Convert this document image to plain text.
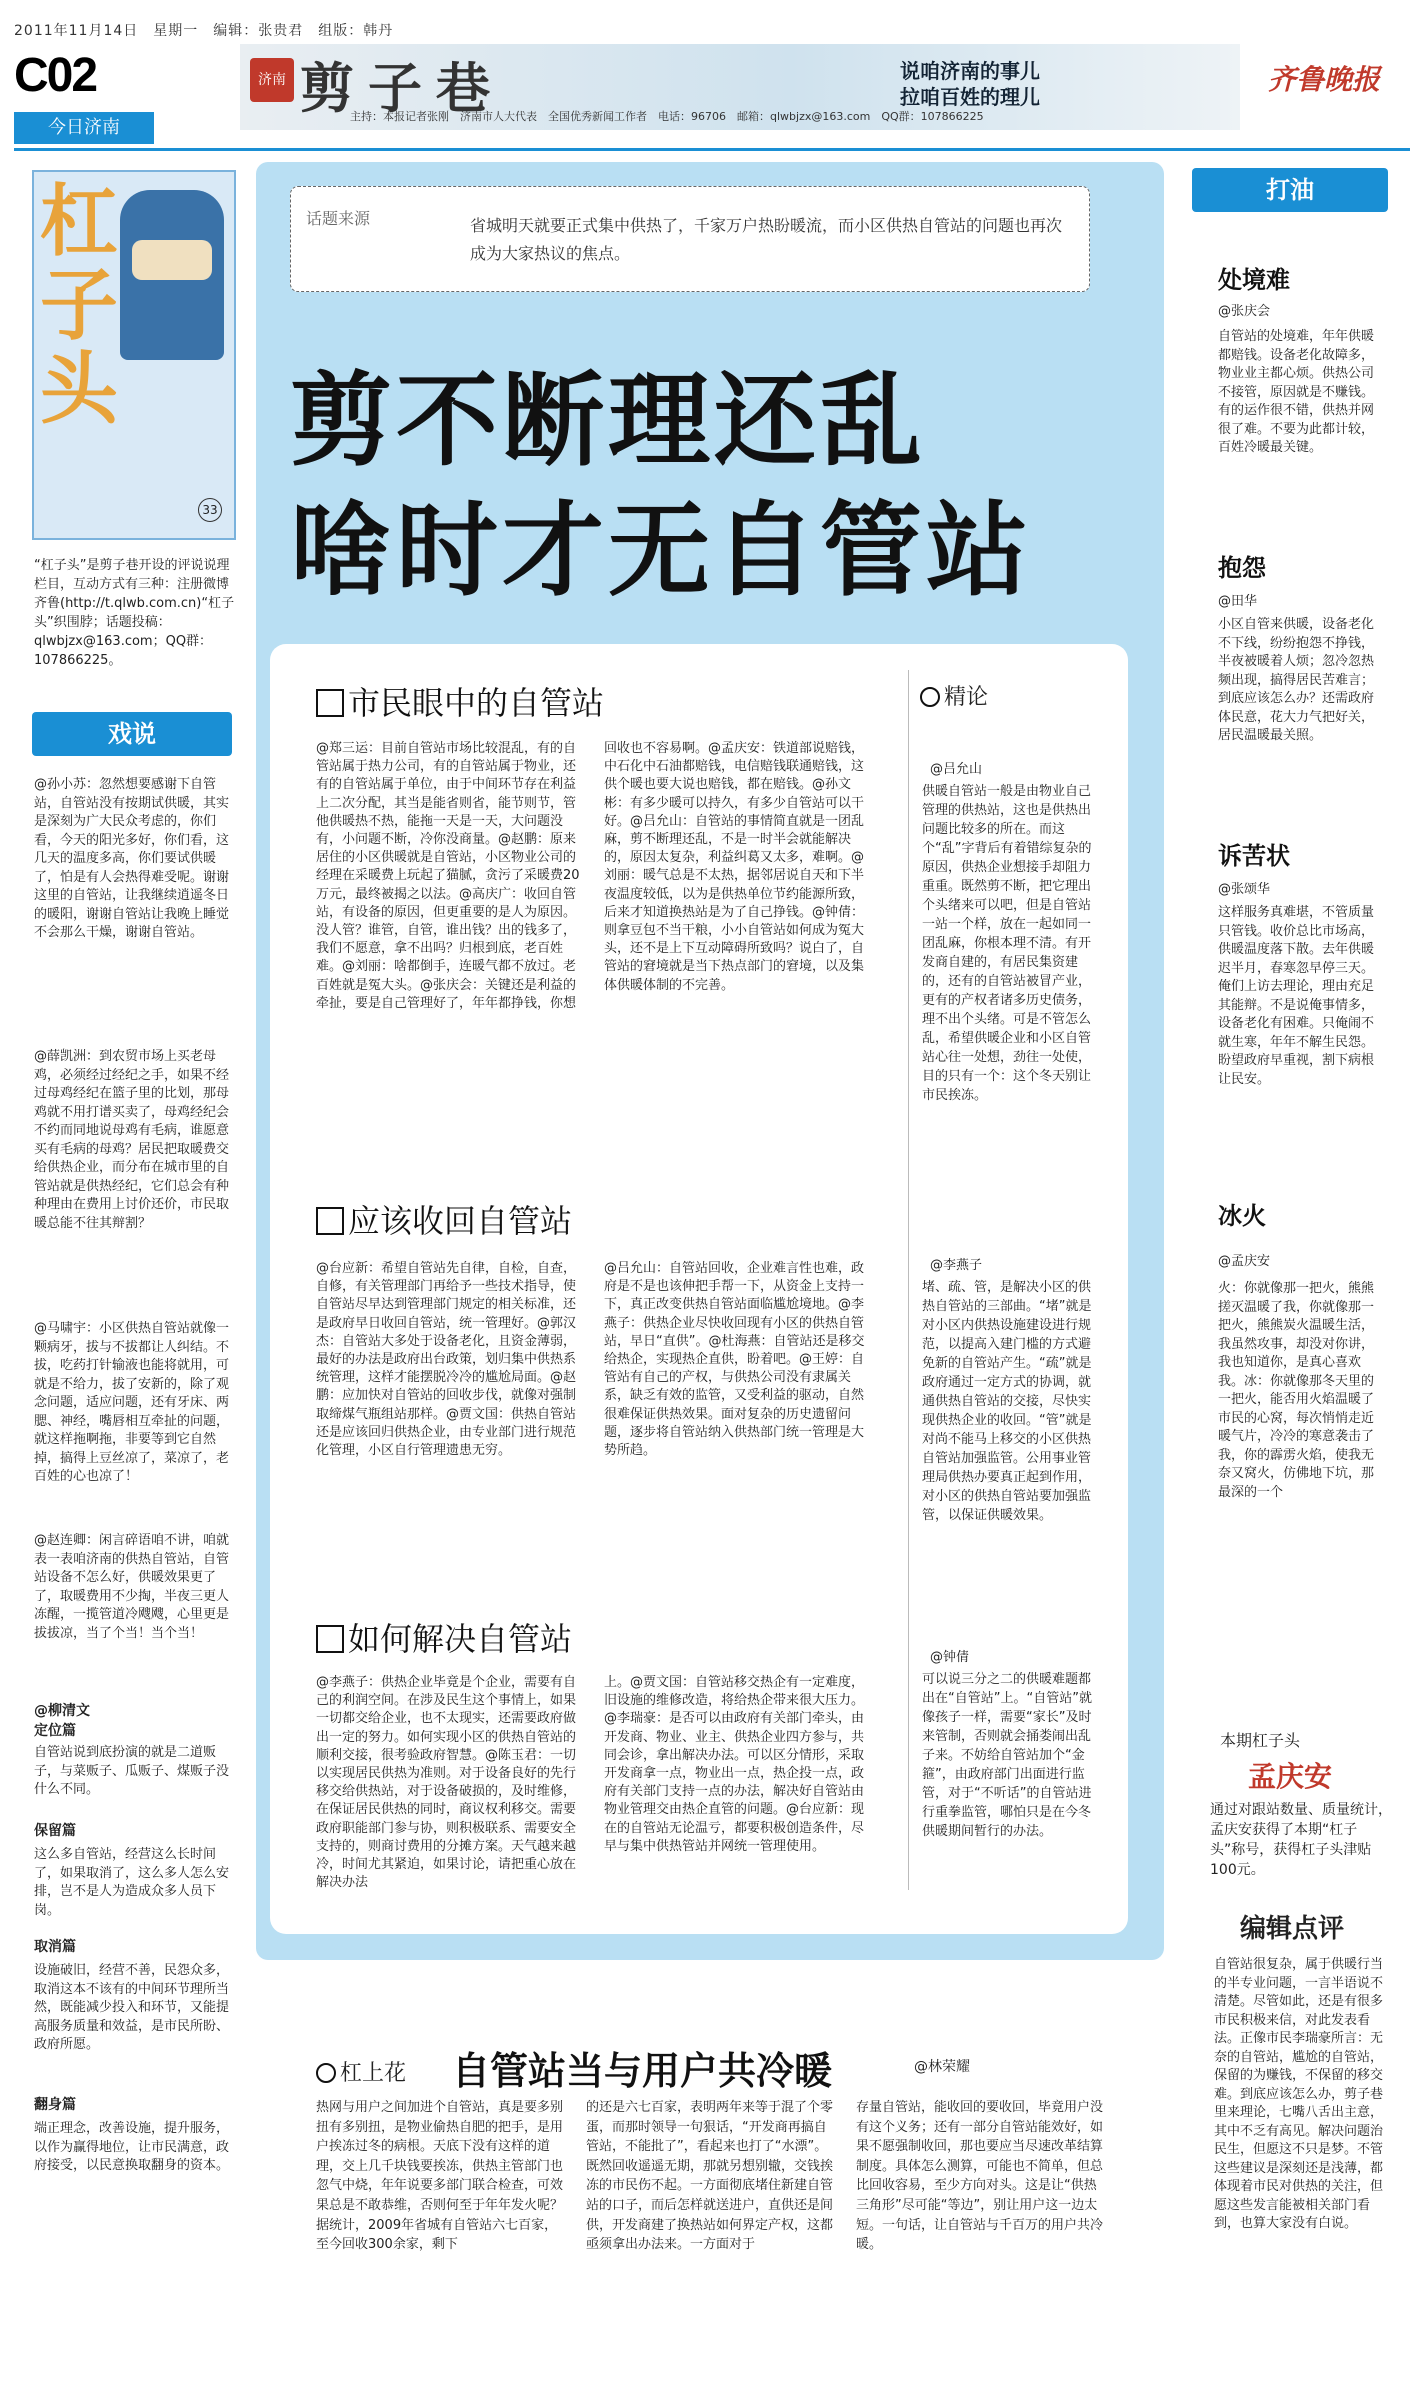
2011年11月14日　星期一　编辑：张贵君　组版：韩丹
C02
今日济南
济南 剪子巷	说咱济南的事儿
拉咱百姓的理儿
主持：本报记者张刚　济南市人大代表　全国优秀新闻工作者　电话：96706　邮箱：qlwbjzx@163.com　QQ群：107866225
齐鲁晚报
杠子头
33
“杠子头”是剪子巷开设的评说说理栏目，互动方式有三种：注册微博齐鲁(http://t.qlwb.com.cn)“杠子头”织围脖；话题投稿：qlwbjzx@163.com；QQ群：107866225。
戏说
@孙小苏：忽然想要感谢下自管站，自管站没有按期试供暖，其实是深刻为广大民众考虑的，你们看，今天的阳光多好，你们看，这几天的温度多高，你们要试供暖了，怕是有人会热得难受呢。谢谢这里的自管站，让我继续逍遥冬日的暖阳，谢谢自管站让我晚上睡觉不会那么干燥，谢谢自管站。
@薛凯洲：到农贸市场上买老母鸡，必须经过经纪之手，如果不经过母鸡经纪在篮子里的比划，那母鸡就不用打谱买卖了，母鸡经纪会不约而同地说母鸡有毛病，谁愿意买有毛病的母鸡？居民把取暖费交给供热企业，而分布在城市里的自管站就是供热经纪，它们总会有种种理由在费用上讨价还价，市民取暖总能不往其辩割？
@马啸宇：小区供热自管站就像一颗病牙，拔与不拔都让人纠结。不拔，吃药打针输液也能将就用，可就是不给力，拔了安新的，除了观念问题，适应问题，还有牙床、两腮、神经，嘴唇相互牵扯的问题，就这样拖啊拖，非要等到它自然掉，搞得上豆丝凉了，菜凉了，老百姓的心也凉了！
@赵连卿：闲言碎语咱不讲，咱就表一表咱济南的供热自管站，自管站设备不怎么好，供暖效果更了了，取暖费用不少掏，半夜三更人冻醒，一揽管道冷飕飕，心里更是拔拔凉，当了个当！当个当！
@柳清文
定位篇
自管站说到底扮演的就是二道贩子，与菜贩子、瓜贩子、煤贩子没什么不同。
保留篇
这么多自管站，经营这么长时间了，如果取消了，这么多人怎么安排，岂不是人为造成众多人员下岗。
取消篇
设施破旧，经营不善，民怨众多，取消这本不该有的中间环节理所当然，既能减少投入和环节，又能提高服务质量和效益，是市民所盼、政府所愿。
翻身篇
端正理念，改善设施，提升服务，以作为赢得地位，让市民满意，政府接受，以民意换取翻身的资本。
话题来源	省城明天就要正式集中供热了，千家万户热盼暖流，而小区供热自管站的问题也再次成为大家热议的焦点。
剪不断理还乱
啥时才无自管站
市民眼中的自管站
@郑三运：目前自管站市场比较混乱，有的自管站属于热力公司，有的自管站属于物业，还有的自管站属于单位，由于中间环节存在利益上二次分配，其当是能省则省，能节则节，管他供暖热不热，能拖一天是一天，大问题没有，小问题不断，冷你没商量。@赵鹏：原来居住的小区供暖就是自管站，小区物业公司的经理在采暖费上玩起了猫腻，贪污了采暖费20万元，最终被揭之以法。@高庆广：收回自管站，有设备的原因，但更重要的是人为原因。没人管？谁管，自管，谁出钱？出的钱多了，我们不愿意，拿不出吗？归根到底，老百姓难。@刘丽：啥都倒手，连暖气都不放过。老百姓就是冤大头。@张庆会：关键还是利益的牵扯，要是自己管理好了，年年都挣钱，你想
回收也不容易啊。@孟庆安：铁道部说赔钱，中石化中石油都赔钱，电信赔钱联通赔钱，这供个暖也要大说也赔钱，都在赔钱。@孙文彬：有多少暖可以持久，有多少自管站可以干好。@吕允山：自管站的事情简直就是一团乱麻，剪不断理还乱，不是一时半会就能解决的，原因太复杂，利益纠葛又太多，难啊。@刘丽：暖气总是不太热，据邻居说自天和下半夜温度较低，以为是供热单位节约能源所致，后来才知道换热站是为了自己挣钱。@钟倩：则拿豆包不当干粮，小小自管站如何成为冤大头，还不是上下互动障碍所致吗？说白了，自管站的窘境就是当下热点部门的窘境，以及集体供暖体制的不完善。
应该收回自管站
@台应新：希望自管站先自律，自检，自查，自修，有关管理部门再给予一些技术指导，使自管站尽早达到管理部门规定的相关标准，还是政府早日收回自管站，统一管理好。@郭汉杰：自管站大多处于设备老化，且资金薄弱，最好的办法是政府出台政策，划归集中供热系统管理，这样才能摆脱冷冷的尴尬局面。@赵鹏：应加快对自管站的回收步伐，就像对强制取缔煤气瓶组站那样。@贾文国：供热自管站还是应该回归供热企业，由专业部门进行规范化管理，小区自行管理遗患无穷。
@吕允山：自管站回收，企业难言性也难，政府是不是也该伸把手帮一下，从资金上支持一下，真正改变供热自管站面临尴尬境地。@李燕子：供热企业尽快收回现有小区的供热自管站，早日“直供”。@杜海燕：自管站还是移交给热企，实现热企直供，盼着吧。@王婷：自管站有自己的产权，与供热公司没有隶属关系，缺乏有效的监管，又受利益的驱动，自然很难保证供热效果。面对复杂的历史遗留问题，逐步将自管站纳入供热部门统一管理是大势所趋。
如何解决自管站
@李燕子：供热企业毕竟是个企业，需要有自己的利润空间。在涉及民生这个事情上，如果一切都交给企业，也不太现实，还需要政府做出一定的努力。如何实现小区的供热自管站的顺利交接，很考验政府智慧。@陈玉君：一切以实现居民供热为准则。对于设备良好的先行移交给供热站，对于设备破损的，及时维修，在保证居民供热的同时，商议权利移交。需要政府职能部门参与协，则积极联系、需要安全支持的，则商讨费用的分摊方案。天气越来越冷，时间尤其紧迫，如果讨论，请把重心放在解决办法
上。@贾文国：自管站移交热企有一定难度，旧设施的维修改造，将给热企带来很大压力。@李瑞豪：是否可以由政府有关部门牵头，由开发商、物业、业主、供热企业四方参与，共同会诊，拿出解决办法。可以区分情形，采取开发商拿一点，物业出一点，热企投一点，政府有关部门支持一点的办法，解决好自管站由物业管理交由热企直管的问题。@台应新：现在的自管站无论温亏，都要积极创造条件，尽早与集中供热管站并网统一管理使用。
精论
@吕允山
供暖自管站一般是由物业自己管理的供热站，这也是供热出问题比较多的所在。而这个“乱”字背后有着错综复杂的原因，供热企业想接手却阻力重重。既然剪不断，把它理出个头绪来可以吧，但是自管站一站一个样，放在一起如同一团乱麻，你根本理不清。有开发商自建的，有居民集资建的，还有的自管站被冒产业，更有的产权者诸多历史债务，理不出个头绪。可是不管怎么乱，希望供暖企业和小区自管站心往一处想，劲往一处使，目的只有一个：这个冬天别让市民挨冻。
@李燕子
堵、疏、管，是解决小区的供热自管站的三部曲。“堵”就是对小区内供热设施建设进行规范，以提高入建门槛的方式避免新的自管站产生。“疏”就是政府通过一定方式的协调，就通供热自管站的交接，尽快实现供热企业的收回。“管”就是对尚不能马上移交的小区供热自管站加强监管。公用事业管理局供热办要真正起到作用，对小区的供热自管站要加强监管，以保证供暖效果。
@钟倩
可以说三分之二的供暖难题都出在“自管站”上。“自管站”就像孩子一样，需要“家长”及时来管制，否则就会捅娄闹出乱子来。不妨给自管站加个“金箍”，由政府部门出面进行监管，对于“不听话”的自管站进行重拳监管，哪怕只是在今冬供暖期间暂行的办法。
杠上花 自管站当与用户共冷暖	@林荣耀
热网与用户之间加进个自管站，真是要多别扭有多别扭，是物业偷热自肥的把手，是用户挨冻过冬的病根。天底下没有这样的道理，交上几千块钱要挨冻，供热主管部门也忽气中烧，年年说要多部门联合检查，可效果总是不敢恭维，否则何至于年年发火呢？据统计，2009年省城有自管站六七百家，至今回收300余家，剩下
的还是六七百家，表明两年来等于混了个零蛋，而那时领导一句狠话，“开发商再搞自管站，不能批了”，看起来也打了“水漂”。既然回收遥遥无期，那就另想别辙，交钱挨冻的市民伤不起。一方面彻底堵住新建自管站的口子，而后怎样就送进户，直供还是间供，开发商建了换热站如何界定产权，这都亟须拿出办法来。一方面对于
存量自管站，能收回的要收回，毕竟用户没有这个义务；还有一部分自管站能效好，如果不愿强制收回，那也要应当尽速改革结算制度。具体怎么测算，可能也不简单，但总比回收容易，至少方向对头。这是让“供热三角形”尽可能“等边”，别让用户这一边太短。一句话，让自管站与千百万的用户共冷暖。
打油
处境难
@张庆会
自管站的处境难，年年供暖都赔钱。设备老化故障多，物业业主都心烦。供热公司不接管，原因就是不赚钱。有的运作很不错，供热并网很了难。不要为此都计较，百姓冷暖最关键。
抱怨
@田华
小区自管来供暖，设备老化不下线，纷纷抱怨不挣钱，半夜被暖着人烦；忽冷忽热频出现，搞得居民苦难言；到底应该怎么办？还需政府体民意，花大力气把好关，居民温暖最关照。
诉苦状
@张颂华
这样服务真难堪，不管质量只管钱。收价总比市场高，供暖温度落下散。去年供暖迟半月，春寒忽早停三天。俺们上访去理论，理由充足其能辩。不是说俺事情多，设备老化有困难。只俺闹不就生寒，年年不解生民怨。盼望政府早重视，割下病根让民安。
冰火
@孟庆安
火：你就像那一把火，熊熊搓灭温暖了我，你就像那一把火，熊熊炭火温暖生活，我虽然攻事，却没对你讲，我也知道你，是真心喜欢我。冰：你就像那冬天里的一把火，能否用火焰温暖了市民的心窝，每次悄悄走近暖气片，冷冷的寒意袭击了我，你的霹雳火焰，使我无奈又窝火，仿佛地下坑，那最深的一个
本期杠子头
孟庆安
通过对跟站数量、质量统计，孟庆安获得了本期“杠子头”称号，获得杠子头津贴100元。
编辑点评
自管站很复杂，属于供暖行当的半专业问题，一言半语说不清楚。尽管如此，还是有很多市民积极来信，对此发表看法。正像市民李瑞豪所言：无奈的自管站，尴尬的自管站，保留的为赚钱，不保留的移交难。到底应该怎么办，剪子巷里来理论，七嘴八舌出主意，其中不乏有高见。解决问题治民生，但愿这不只是梦。不管这些建议是深刻还是浅薄，都体现着市民对供热的关注，但愿这些发言能被相关部门看到，也算大家没有白说。
